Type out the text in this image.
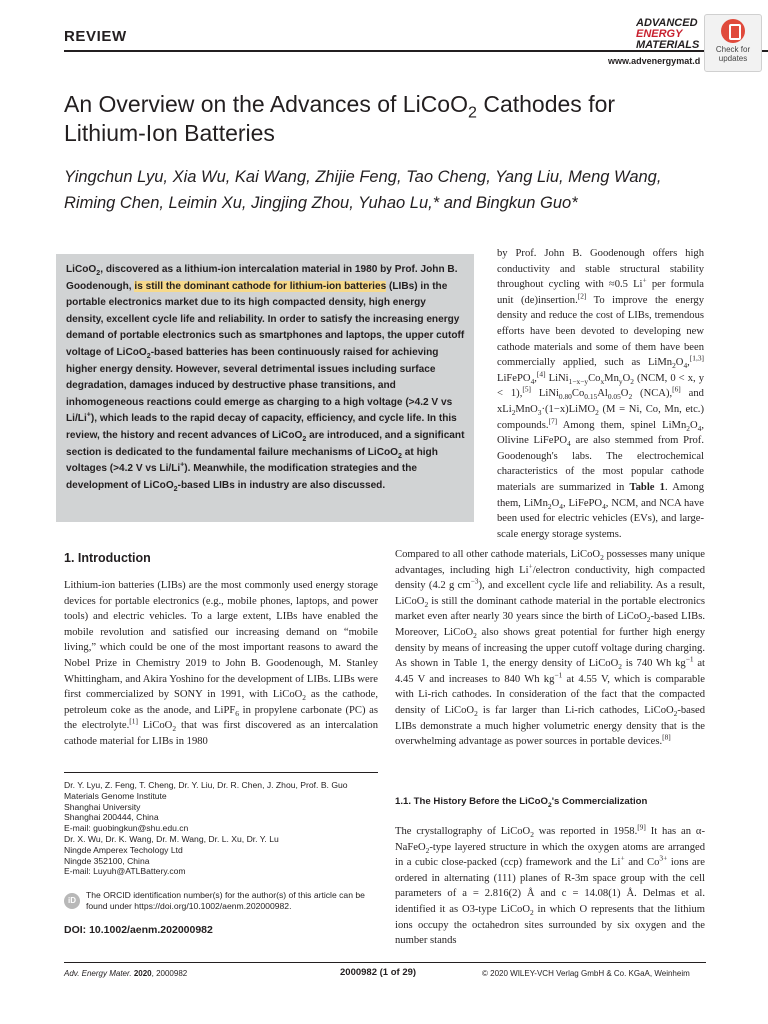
REVIEW
ADVANCED
ENERGY
MATERIALS
www.advenergymat.d
Check for
updates
An Overview on the Advances of LiCoO$_2$ Cathodes for Lithium-Ion Batteries
Yingchun Lyu, Xia Wu, Kai Wang, Zhijie Feng, Tao Cheng, Yang Liu, Meng Wang,
Riming Chen, Leimin Xu, Jingjing Zhou, Yuhao Lu,* and Bingkun Guo*
LiCoO$_2$, discovered as a lithium-ion intercalation material in 1980 by Prof. John B. Goodenough, is still the dominant cathode for lithium-ion batteries (LIBs) in the portable electronics market due to its high compacted density, high energy density, excellent cycle life and reliability. In order to satisfy the increasing energy demand of portable electronics such as smartphones and laptops, the upper cutoff voltage of LiCoO$_2$-based batteries has been continuously raised for achieving higher energy density. However, several detrimental issues including surface degradation, damages induced by destructive phase transitions, and inhomogeneous reactions could emerge as charging to a high voltage (>4.2 V vs Li/Li+), which leads to the rapid decay of capacity, efficiency, and cycle life. In this review, the history and recent advances of LiCoO$_2$ are introduced, and a significant section is dedicated to the fundamental failure mechanisms of LiCoO$_2$ at high voltages (>4.2 V vs Li/Li+). Meanwhile, the modification strategies and the development of LiCoO$_2$-based LIBs in industry are also discussed.
by Prof. John B. Goodenough offers high conductivity and stable structural stability throughout cycling with ≈0.5 Li+ per formula unit (de)insertion.[2] To improve the energy density and reduce the cost of LIBs, tremendous efforts have been devoted to developing new cathode materials and some of them have been commercially applied, such as $LiMn_2O_4,[1,3]$ LiFePO$_4$,[4] $LiNi_{1-x-y}Co_xMn_yO_2$ (NCM, 0 < x, y < 1),[5] $LiNi_{0.80}Co_{0.15}Al_{0.05}O_2$ (NCA),[6] and xLi$_2$MnO$_3$·(1−x)LiMO$_2$ (M = Ni, Co, Mn, etc.) compounds.[7] Among them, spinel $LiMn_2O_4$, Olivine LiFePO$_4$ are also stemmed from Prof. Goodenough's labs. The electrochemical characteristics of the most popular cathode materials are summarized in Table 1. Among them, $LiMn_2O_4$, LiFePO$_4$, NCM, and NCA have been used for electric vehicles (EVs), and large-scale energy storage systems.
Compared to all other cathode materials, LiCoO$_2$ possesses many unique advantages, including high Li+/electron conductivity, high compacted density (4.2 g $cm^{-3}$), and excellent cycle life and reliability. As a result, LiCoO$_2$ is still the dominant cathode material in the portable electronics market even after nearly 30 years since the birth of LiCoO$_2$-based LIBs. Moreover, LiCoO$_2$ also shows great potential for further high energy density by means of increasing the upper cutoff voltage during charging. As shown in Table 1, the energy density of LiCoO$_2$ is 740 Wh $kg^{-1}$ at 4.45 V and increases to 840 Wh $kg^{-1}$ at 4.55 V, which is comparable with Li-rich cathodes. In consideration of the fact that the compacted density of LiCoO$_2$ is far larger than Li-rich cathodes, LiCoO$_2$-based LIBs demonstrate a much higher volumetric energy density that is the overwhelming advantage as power sources in portable devices.[8]
1. Introduction
Lithium-ion batteries (LIBs) are the most commonly used energy storage devices for portable electronics (e.g., mobile phones, laptops, and power tools) and electric vehicles. To a large extent, LIBs have enabled the mobile revolution and satisfied our increasing demand on “mobile living,” which could be one of the most important reasons to award the Nobel Prize in Chemistry 2019 to John B. Goodenough, M. Stanley Whittingham, and Akira Yoshino for the development of LIBs. LIBs were first commercialized by SONY in 1991, with LiCoO$_2$ as the cathode, petroleum coke as the anode, and LiPF$_6$ in propylene carbonate (PC) as the electrolyte.[1] LiCoO$_2$ that was first discovered as an intercalation cathode material for LIBs in 1980
1.1. The History Before the LiCoO$_2$'s Commercialization
The crystallography of LiCoO$_2$ was reported in 1958.[9] It has an α-NaFeO$_2$-type layered structure in which the oxygen atoms are arranged in a cubic close-packed (ccp) framework and the Li+ and $Co^{3+}$ ions are ordered in alternating (111) planes of R-3m space group with the cell parameters of a = 2.816(2) Å and c = 14.08(1) Å. Delmas et al. identified it as O3-type LiCoO$_2$ in which O represents that the lithium ions occupy the octahedron sites surrounded by six oxygen and the number stands
Dr. Y. Lyu, Z. Feng, T. Cheng, Dr. Y. Liu, Dr. R. Chen, J. Zhou, Prof. B. Guo
Materials Genome Institute
Shanghai University
Shanghai 200444, China
E-mail: guobingkun@shu.edu.cn
Dr. X. Wu, Dr. K. Wang, Dr. M. Wang, Dr. L. Xu, Dr. Y. Lu
Ningde Amperex Techology Ltd
Ningde 352100, China
E-mail: Luyuh@ATLBattery.com
iD
The ORCID identification number(s) for the author(s) of this article can be found under https://doi.org/10.1002/aenm.202000982.
DOI: 10.1002/aenm.202000982
Adv. Energy Mater. 2020, 2000982	2000982 (1 of 29)	© 2020 WILEY-VCH Verlag GmbH & Co. KGaA, Weinheim
